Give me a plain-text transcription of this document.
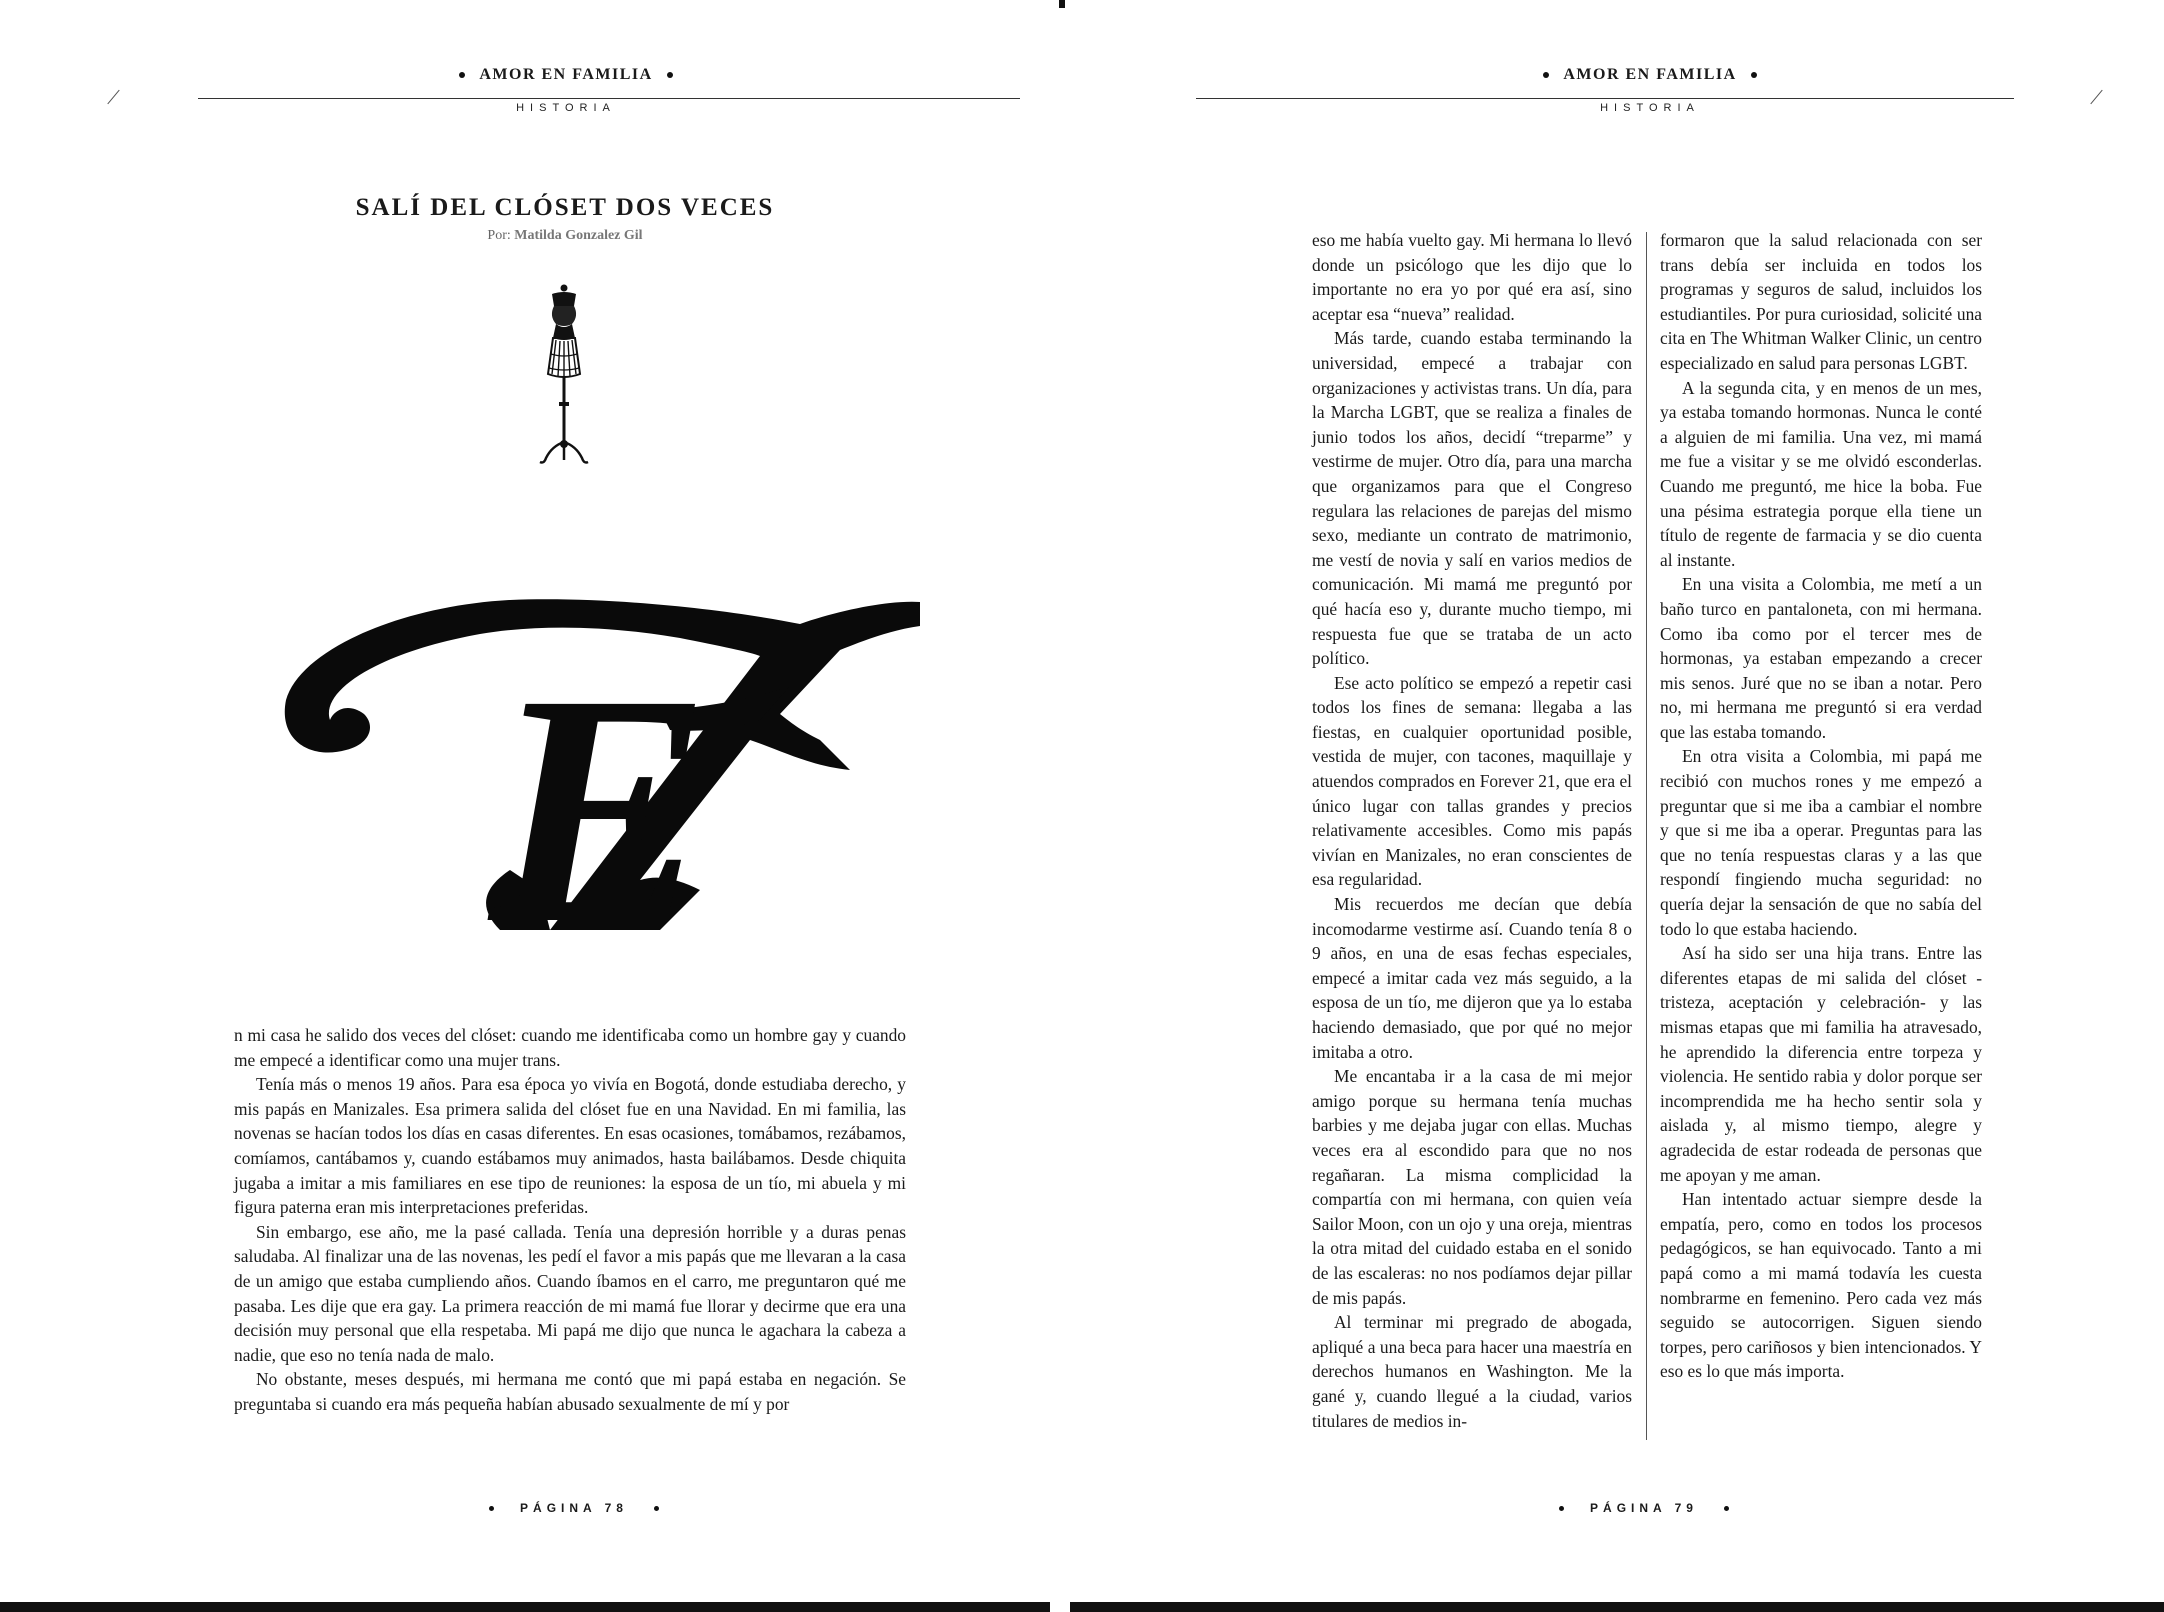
AMOR EN FAMILIA
HISTORIA
AMOR EN FAMILIA
HISTORIA
SALÍ DEL CLÓSET DOS VECES
Por: Matilda Gonzalez Gil
E

n mi casa he salido dos veces del clóset: cuando me identificaba como un hombre gay y cuando me empecé a identificar como una mujer trans.

Tenía más o menos 19 años. Para esa época yo vivía en Bogotá, donde estudiaba derecho, y mis papás en Manizales. Esa primera salida del clóset fue en una Navidad. En mi familia, las novenas se hacían todos los días en casas diferentes. En esas ocasiones, tomábamos, rezábamos, comíamos, cantábamos y, cuando estábamos muy animados, hasta bailábamos. Desde chiquita jugaba a imitar a mis familiares en ese tipo de reuniones: la esposa de un tío, mi abuela y mi figura paterna eran mis interpretaciones preferidas.

Sin embargo, ese año, me la pasé callada. Tenía una depresión horrible y a duras penas saludaba. Al finalizar una de las novenas, les pedí el favor a mis papás que me llevaran a la casa de un amigo que estaba cumpliendo años. Cuando íbamos en el carro, me preguntaron qué me pasaba. Les dije que era gay. La primera reacción de mi mamá fue llorar y decirme que era una decisión muy personal que ella respetaba. Mi papá me dijo que nunca le agachara la cabeza a nadie, que eso no tenía nada de malo.

No obstante, meses después, mi hermana me contó que mi papá estaba en negación. Se preguntaba si cuando era más pequeña habían abusado sexualmente de mí y por

eso me había vuelto gay. Mi hermana lo llevó donde un psicólogo que les dijo que lo importante no era yo por qué era así, sino aceptar esa “nueva” realidad.

Más tarde, cuando estaba terminando la universidad, empecé a trabajar con organizaciones y activistas trans. Un día, para la Marcha LGBT, que se realiza a finales de junio todos los años, decidí “treparme” y vestirme de mujer. Otro día, para una marcha que organizamos para que el Congreso regulara las relaciones de parejas del mismo sexo, mediante un contrato de matrimonio, me vestí de novia y salí en varios medios de comunicación. Mi mamá me preguntó por qué hacía eso y, durante mucho tiempo, mi respuesta fue que se trataba de un acto político.

Ese acto político se empezó a repetir casi todos los fines de semana: llegaba a las fiestas, en cualquier oportunidad posible, vestida de mujer, con tacones, maquillaje y atuendos comprados en Forever 21, que era el único lugar con tallas grandes y precios relativamente accesibles. Como mis papás vivían en Manizales, no eran conscientes de esa regularidad.

Mis recuerdos me decían que debía incomodarme vestirme así. Cuando tenía 8 o 9 años, en una de esas fechas especiales, empecé a imitar cada vez más seguido, a la esposa de un tío, me dijeron que ya lo estaba haciendo demasiado, que por qué no mejor imitaba a otro.

Me encantaba ir a la casa de mi mejor amigo porque su hermana tenía muchas barbies y me dejaba jugar con ellas. Muchas veces era al escondido para que no nos regañaran. La misma complicidad la compartía con mi hermana, con quien veía Sailor Moon, con un ojo y una oreja, mientras la otra mitad del cuidado estaba en el sonido de las escaleras: no nos podíamos dejar pillar de mis papás.

Al terminar mi pregrado de abogada, apliqué a una beca para hacer una maestría en derechos humanos en Washington. Me la gané y, cuando llegué a la ciudad, varios titulares de medios in-

formaron que la salud relacionada con ser trans debía ser incluida en todos los programas y seguros de salud, incluidos los estudiantiles. Por pura curiosidad, solicité una cita en The Whitman Walker Clinic, un centro especializado en salud para personas LGBT.

A la segunda cita, y en menos de un mes, ya estaba tomando hormonas. Nunca le conté a alguien de mi familia. Una vez, mi mamá me fue a visitar y se me olvidó esconderlas. Cuando me preguntó, me hice la boba. Fue una pésima estrategia porque ella tiene un título de regente de farmacia y se dio cuenta al instante.

En una visita a Colombia, me metí a un baño turco en pantaloneta, con mi hermana. Como iba como por el tercer mes de hormonas, ya estaban empezando a crecer mis senos. Juré que no se iban a notar. Pero no, mi hermana me preguntó si era verdad que las estaba tomando.

En otra visita a Colombia, mi papá me recibió con muchos rones y me empezó a preguntar que si me iba a cambiar el nombre y que si me iba a operar. Preguntas para las que no tenía respuestas claras y a las que respondí fingiendo mucha seguridad: no quería dejar la sensación de que no sabía del todo lo que estaba haciendo.

Así ha sido ser una hija trans. Entre las diferentes etapas de mi salida del clóset -tristeza, aceptación y celebración- y las mismas etapas que mi familia ha atravesado, he aprendido la diferencia entre torpeza y violencia. He sentido rabia y dolor porque ser incomprendida me ha hecho sentir sola y aislada y, al mismo tiempo, alegre y agradecida de estar rodeada de personas que me apoyan y me aman.

Han intentado actuar siempre desde la empatía, pero, como en todos los procesos pedagógicos, se han equivocado. Tanto a mi papá como a mi mamá todavía les cuesta nombrarme en femenino. Pero cada vez más seguido se autocorrigen. Siguen siendo torpes, pero cariñosos y bien intencionados. Y eso es lo que más importa.

PÁGINA 78	PÁGINA 79
